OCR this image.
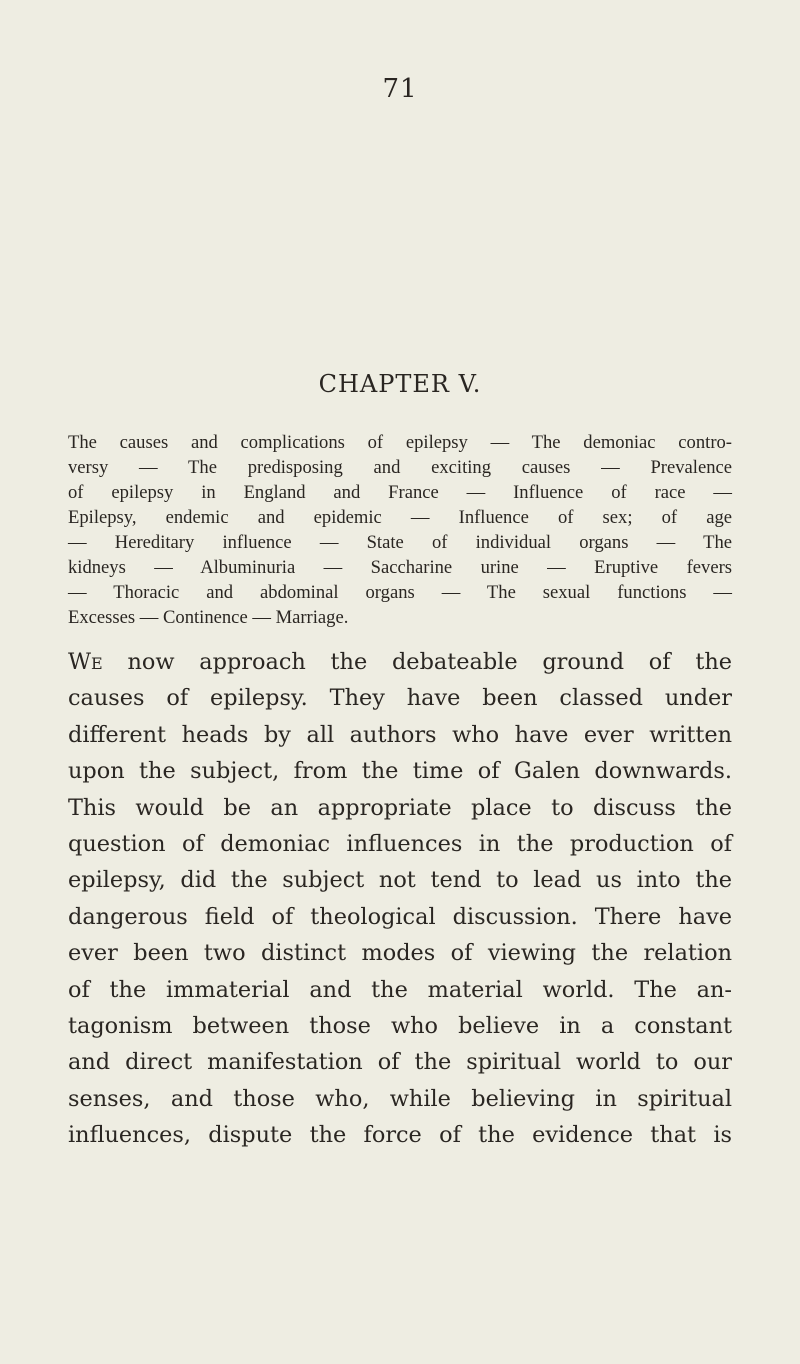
71
CHAPTER V.

The causes and complications of epilepsy — The demoniac contro-
versy — The predisposing and exciting causes — Prevalence
of epilepsy in England and France — Influence of race —
Epilepsy, endemic and epidemic — Influence of sex; of age
— Hereditary influence — State of individual organs — The
kidneys — Albuminuria — Saccharine urine — Eruptive fevers
— Thoracic and abdominal organs — The sexual functions —
Excesses — Continence — Marriage.

We now approach the debateable ground of the
causes of epilepsy. They have been classed under
different heads by all authors who have ever written
upon the subject, from the time of Galen downwards.
This would be an appropriate place to discuss the
question of demoniac influences in the production of
epilepsy, did the subject not tend to lead us into the
dangerous field of theological discussion. There have
ever been two distinct modes of viewing the relation
of the immaterial and the material world. The an-
tagonism between those who believe in a constant
and direct manifestation of the spiritual world to our
senses, and those who, while believing in spiritual
influences, dispute the force of the evidence that is
